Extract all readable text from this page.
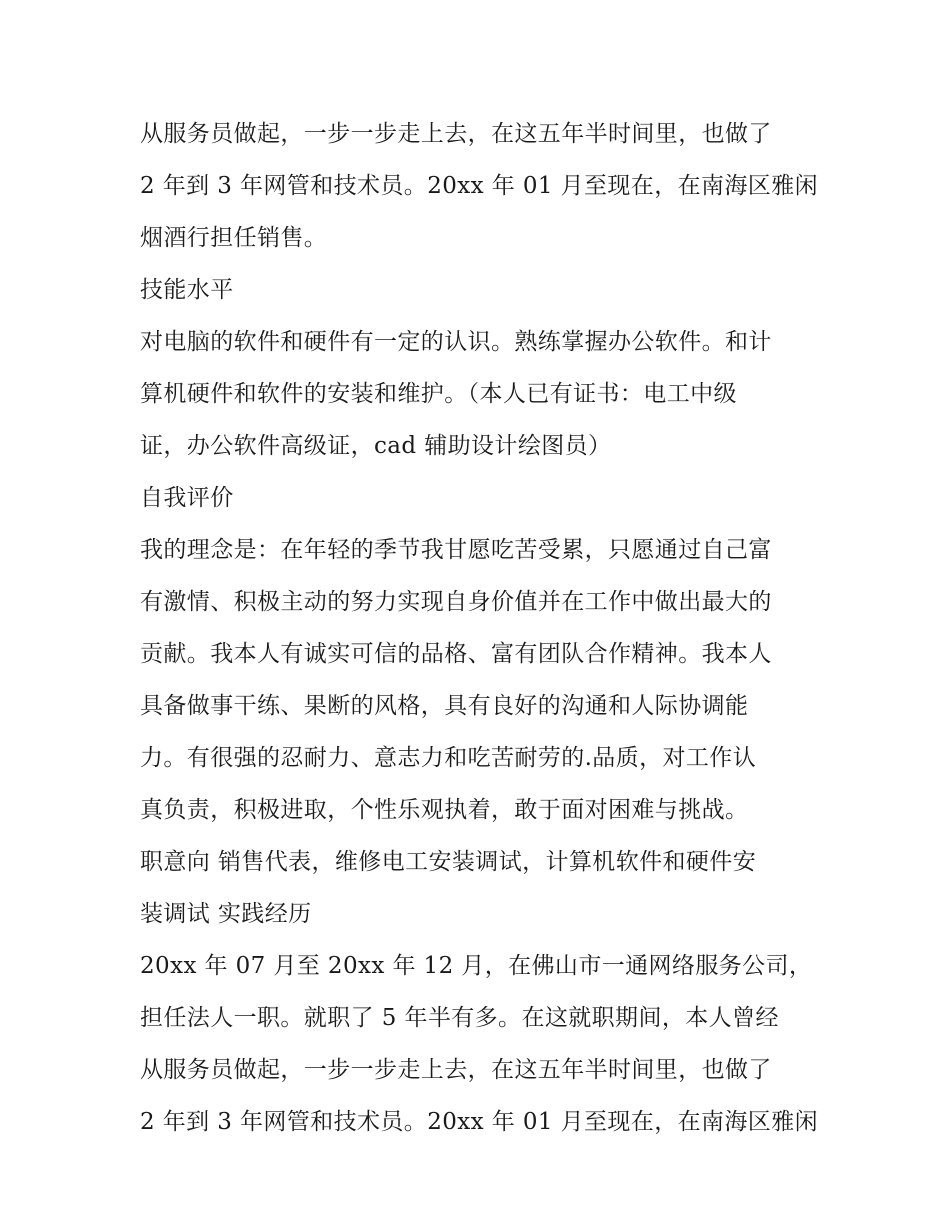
从服务员做起，一步一步走上去，在这五年半时间里，也做了
2 年到 3 年网管和技术员。20xx 年 01 月至现在，在南海区雅闲
烟酒行担任销售。
技能水平
对电脑的软件和硬件有一定的认识。熟练掌握办公软件。和计
算机硬件和软件的安装和维护。（本人已有证书：电工中级
证，办公软件高级证，cad 辅助设计绘图员）
自我评价
我的理念是：在年轻的季节我甘愿吃苦受累，只愿通过自己富
有激情、积极主动的努力实现自身价值并在工作中做出最大的
贡献。我本人有诚实可信的品格、富有团队合作精神。我本人
具备做事干练、果断的风格，具有良好的沟通和人际协调能
力。有很强的忍耐力、意志力和吃苦耐劳的.品质，对工作认
真负责，积极进取，个性乐观执着，敢于面对困难与挑战。
职意向 销售代表，维修电工安装调试，计算机软件和硬件安
装调试 实践经历
20xx 年 07 月至 20xx 年 12 月，在佛山市一通网络服务公司，
担任法人一职。就职了 5 年半有多。在这就职期间，本人曾经
从服务员做起，一步一步走上去，在这五年半时间里，也做了
2 年到 3 年网管和技术员。20xx 年 01 月至现在，在南海区雅闲
